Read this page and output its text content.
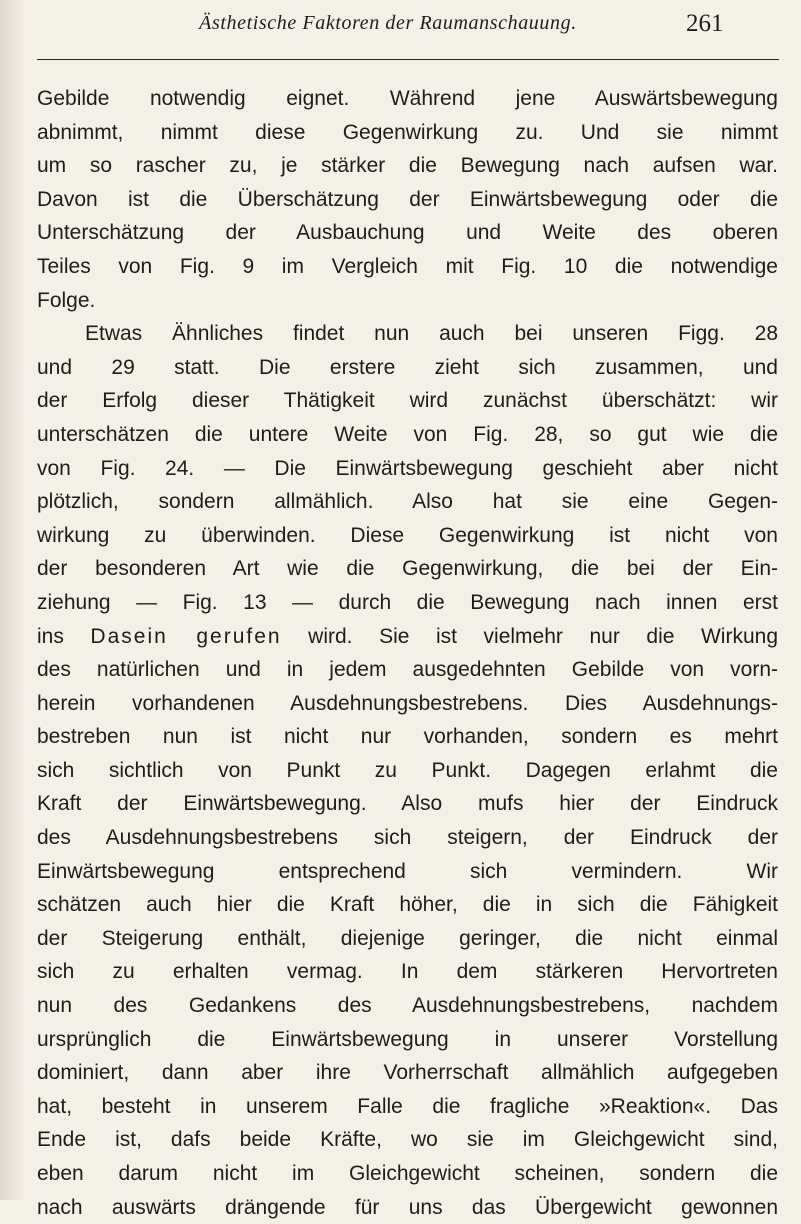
Ästhetische Faktoren der Raumanschauung.	261
Gebilde notwendig eignet. Während jene Auswärtsbewegung
abnimmt, nimmt diese Gegenwirkung zu. Und sie nimmt
um so rascher zu, je stärker die Bewegung nach aufsen war.
Davon ist die Überschätzung der Einwärtsbewegung oder die
Unterschätzung der Ausbauchung und Weite des oberen
Teiles von Fig. 9 im Vergleich mit Fig. 10 die notwendige
Folge.
Etwas Ähnliches findet nun auch bei unseren Figg. 28
und 29 statt. Die erstere zieht sich zusammen, und
der Erfolg dieser Thätigkeit wird zunächst überschätzt: wir
unterschätzen die untere Weite von Fig. 28, so gut wie die
von Fig. 24. — Die Einwärtsbewegung geschieht aber nicht
plötzlich, sondern allmählich. Also hat sie eine Gegen-
wirkung zu überwinden. Diese Gegenwirkung ist nicht von
der besonderen Art wie die Gegenwirkung, die bei der Ein-
ziehung — Fig. 13 — durch die Bewegung nach innen erst
ins Dasein gerufen wird. Sie ist vielmehr nur die Wirkung
des natürlichen und in jedem ausgedehnten Gebilde von vorn-
herein vorhandenen Ausdehnungsbestrebens. Dies Ausdehnungs-
bestreben nun ist nicht nur vorhanden, sondern es mehrt
sich sichtlich von Punkt zu Punkt. Dagegen erlahmt die
Kraft der Einwärtsbewegung. Also mufs hier der Eindruck
des Ausdehnungsbestrebens sich steigern, der Eindruck der
Einwärtsbewegung entsprechend sich vermindern. Wir
schätzen auch hier die Kraft höher, die in sich die Fähigkeit
der Steigerung enthält, diejenige geringer, die nicht einmal
sich zu erhalten vermag. In dem stärkeren Hervortreten
nun des Gedankens des Ausdehnungsbestrebens, nachdem
ursprünglich die Einwärtsbewegung in unserer Vorstellung
dominiert, dann aber ihre Vorherrschaft allmählich aufgegeben
hat, besteht in unserem Falle die fragliche »Reaktion«. Das
Ende ist, dafs beide Kräfte, wo sie im Gleichgewicht sind,
eben darum nicht im Gleichgewicht scheinen, sondern die
nach auswärts drängende für uns das Übergewicht gewonnen
